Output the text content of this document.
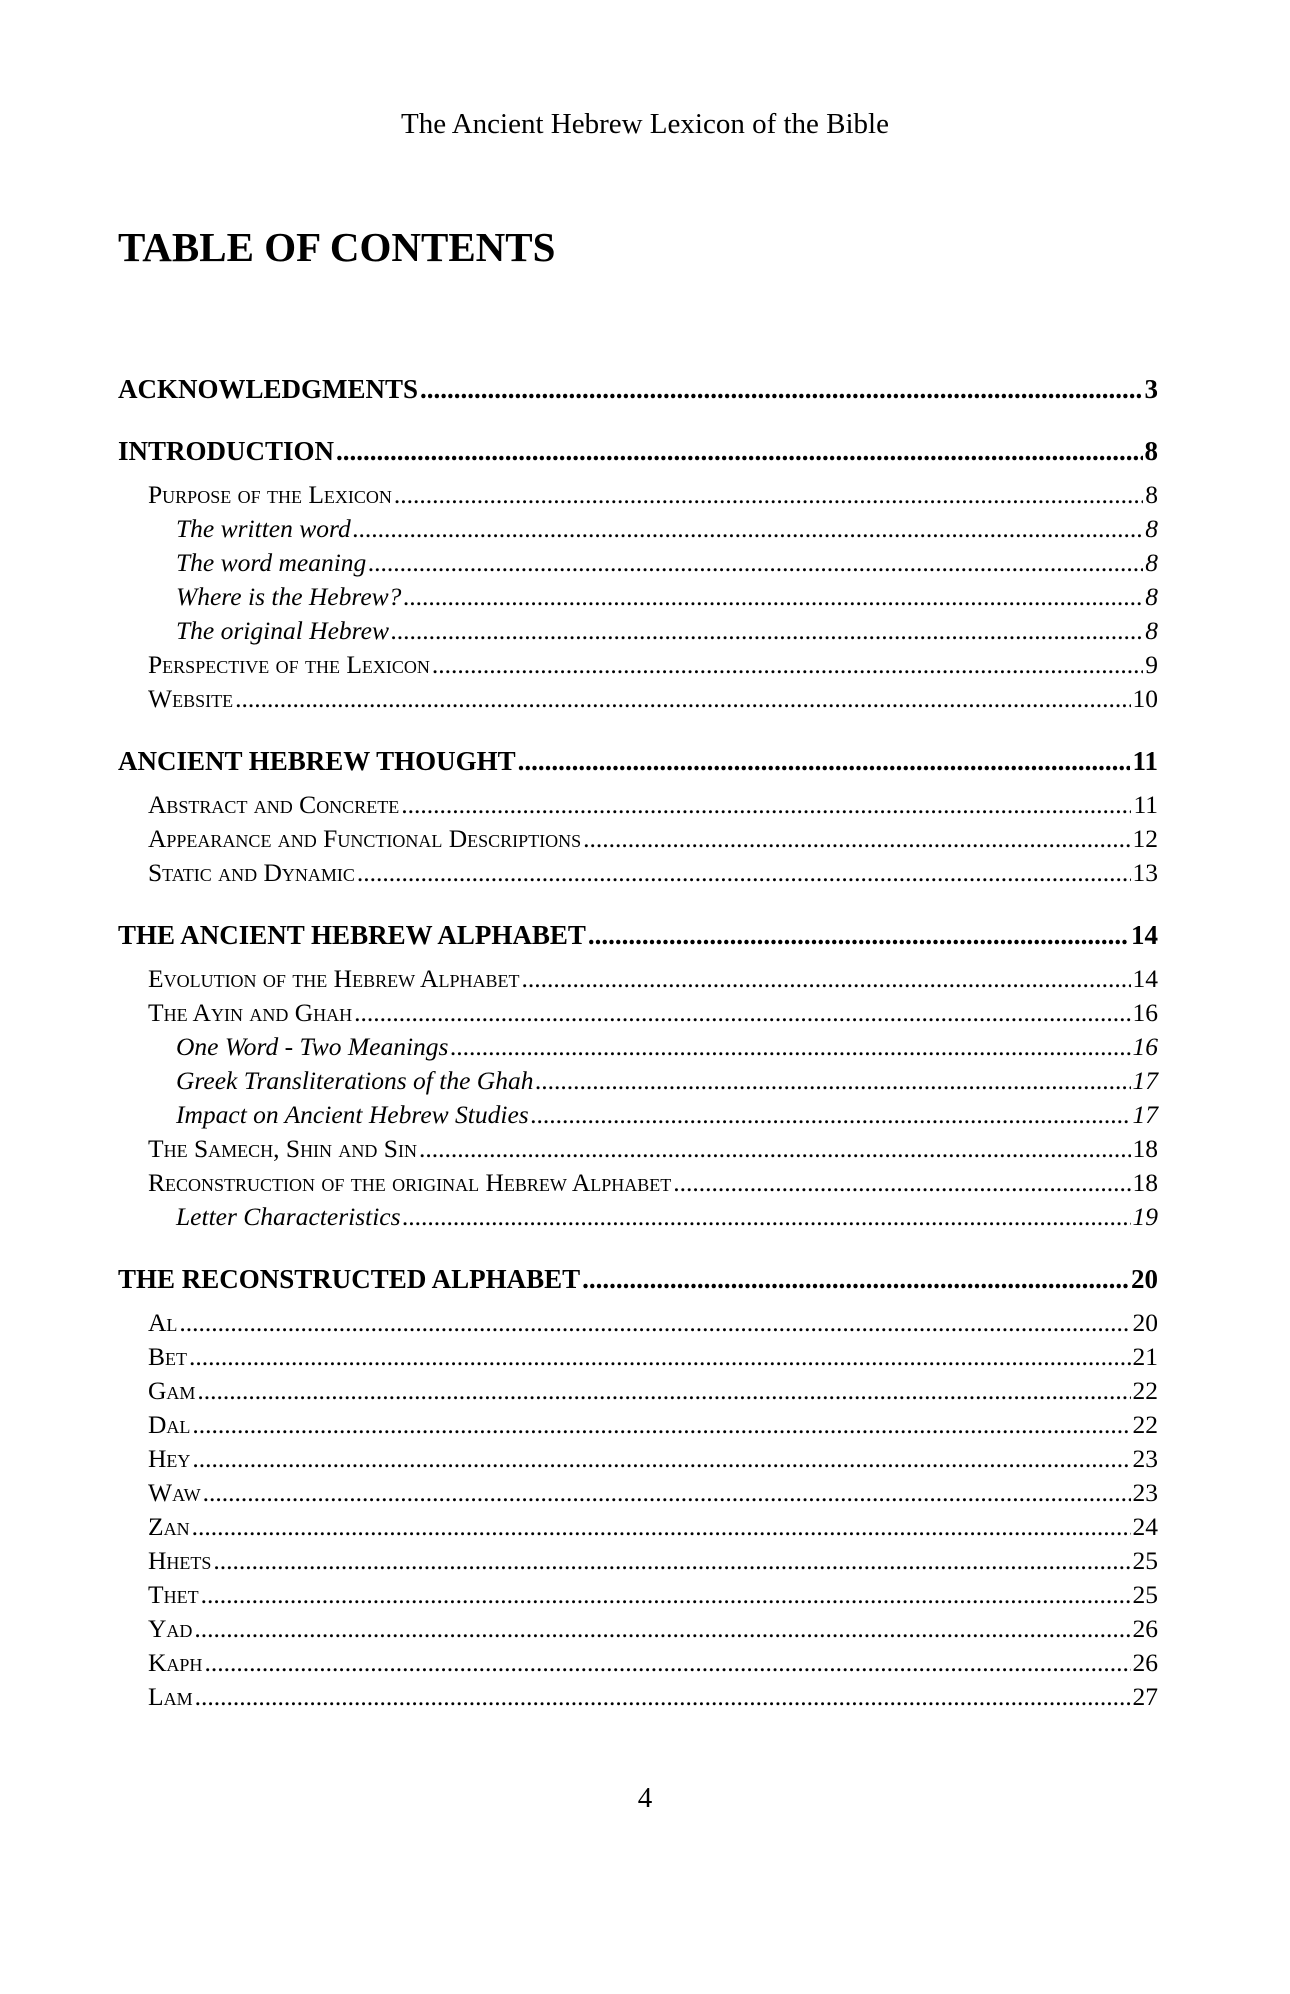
The Ancient Hebrew Lexicon of the Bible
TABLE OF CONTENTS
ACKNOWLEDGMENTS .....	3
INTRODUCTION .....	8
Purpose of the Lexicon .....	8
The written word .....	8
The word meaning .....	8
Where is the Hebrew? .....	8
The original Hebrew .....	8
Perspective of the Lexicon .....	9
Website .....	10
ANCIENT HEBREW THOUGHT .....	11
Abstract and Concrete .....	11
Appearance and Functional Descriptions .....	12
Static and Dynamic .....	13
THE ANCIENT HEBREW ALPHABET .....	14
Evolution of the Hebrew Alphabet .....	14
The Ayin and Ghah .....	16
One Word - Two Meanings .....	16
Greek Transliterations of the Ghah .....	17
Impact on Ancient Hebrew Studies .....	17
The Samech, Shin and Sin .....	18
Reconstruction of the original Hebrew Alphabet .....	18
Letter Characteristics .....	19
THE RECONSTRUCTED ALPHABET .....	20
Al .....	20
Bet .....	21
Gam .....	22
Dal .....	22
Hey .....	23
Waw .....	23
Zan .....	24
Hhets .....	25
Thet .....	25
Yad .....	26
Kaph .....	26
Lam .....	27
4
